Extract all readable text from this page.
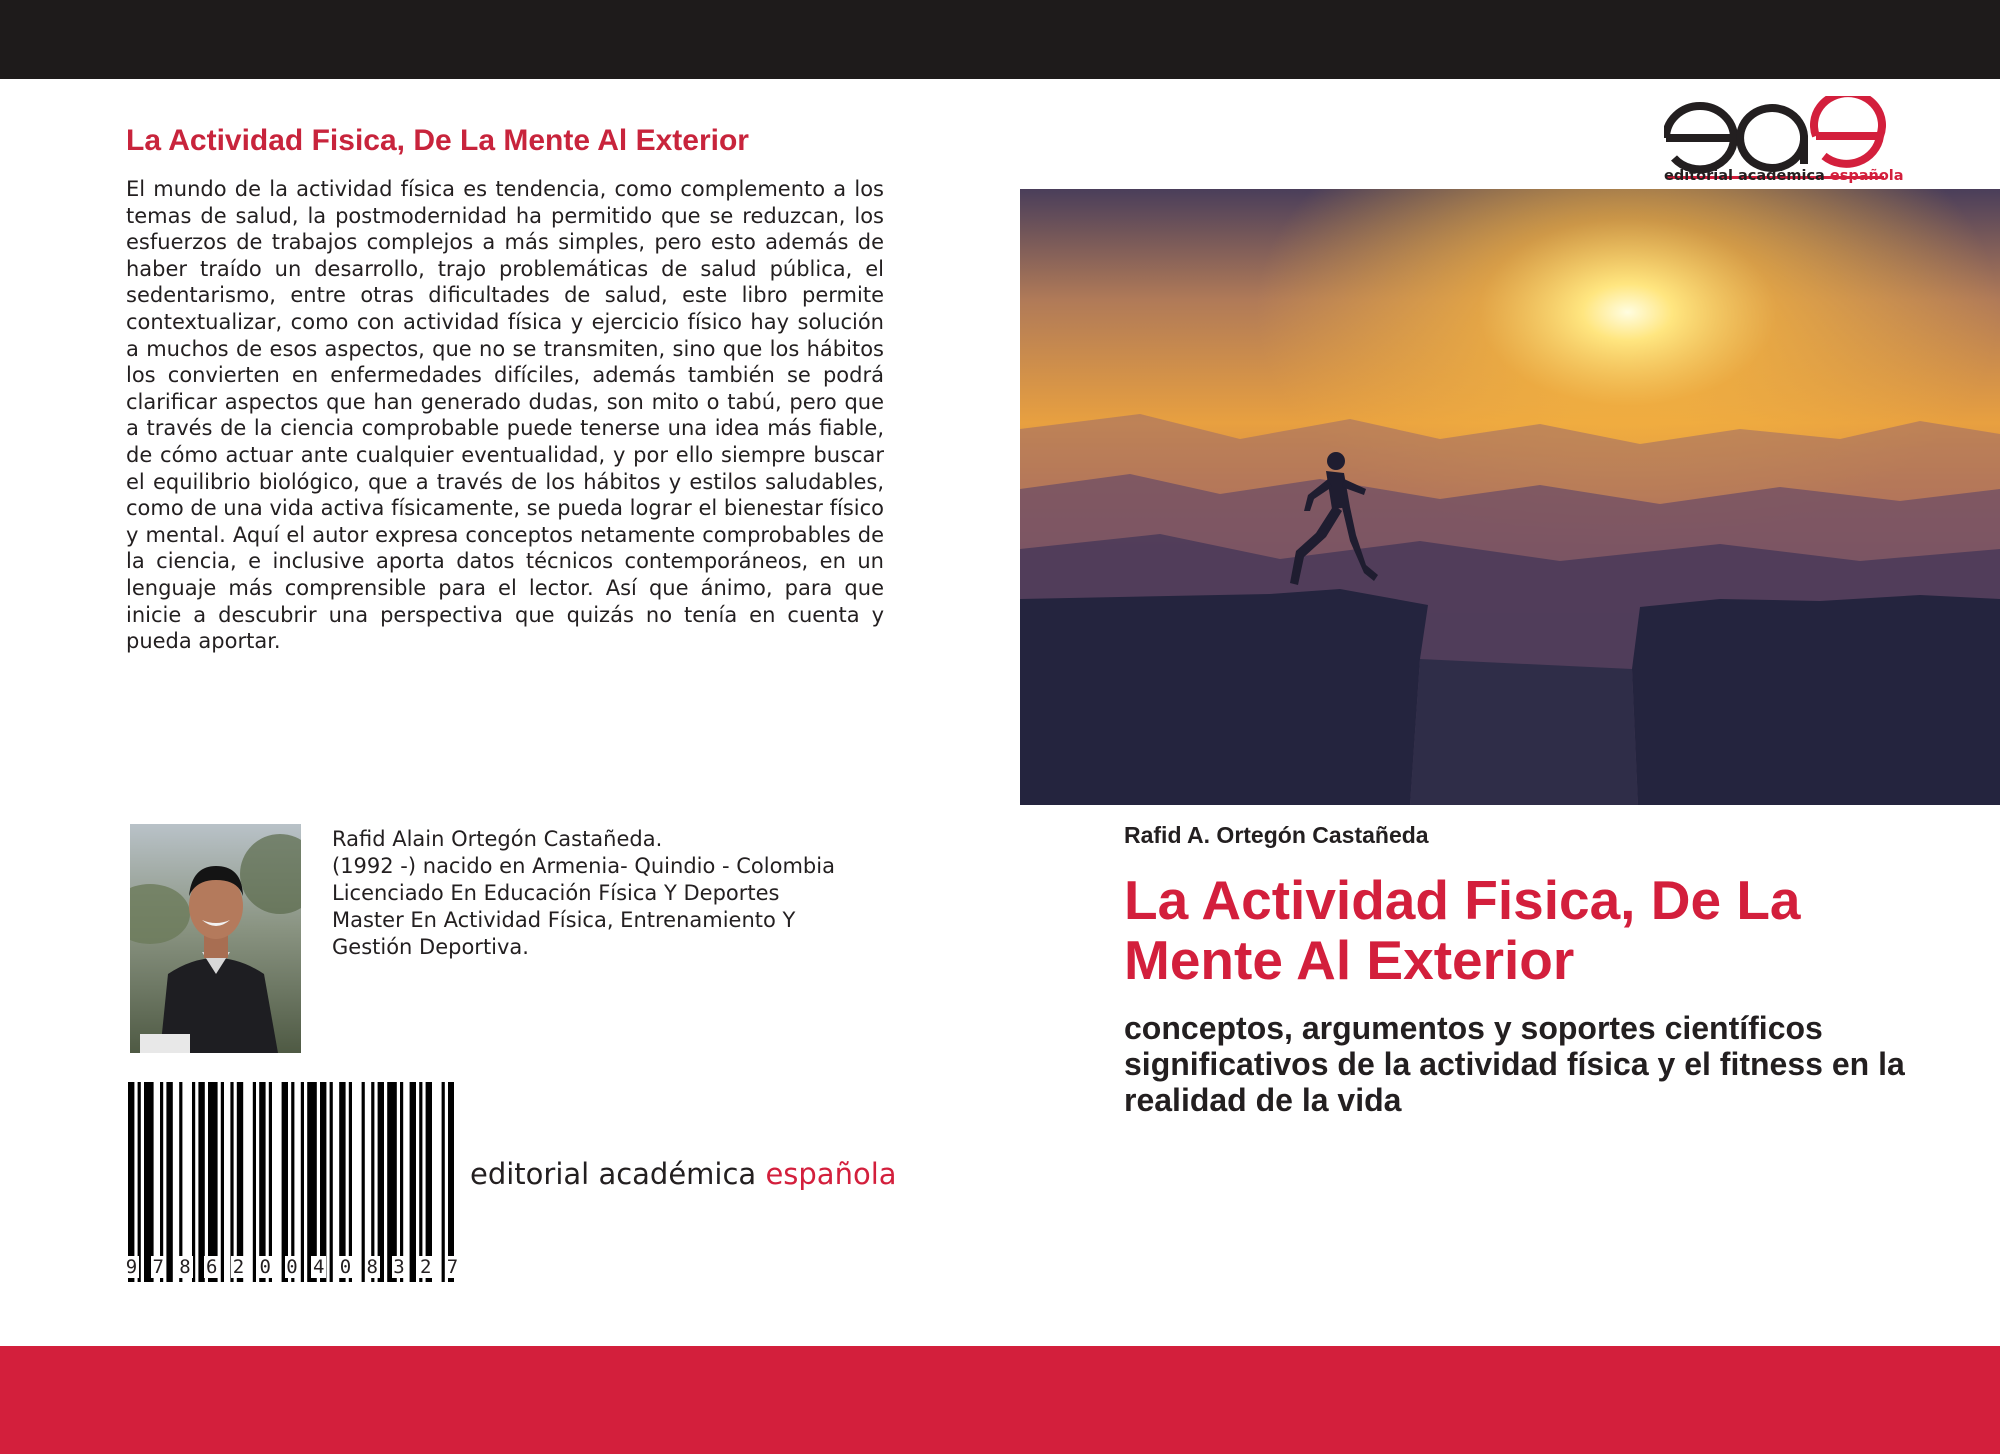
La Actividad Fisica, De La Mente Al Exterior
El mundo de la actividad física es tendencia, como complemento a los temas de salud, la postmodernidad ha permitido que se reduzcan, los esfuerzos de trabajos complejos a más simples, pero esto además de haber traído un desarrollo, trajo problemáticas de salud pública, el sedentarismo, entre otras dificultades de salud, este libro permite contextualizar, como con actividad física y ejercicio físico hay solución a muchos de esos aspectos, que no se transmiten, sino que los hábitos los convierten en enfermedades difíciles, además también se podrá clarificar aspectos que han generado dudas, son mito o tabú, pero que a través de la ciencia comprobable puede tenerse una idea más fiable, de cómo actuar ante cualquier eventualidad, y por ello siempre buscar el equilibrio biológico, que a través de los hábitos y estilos saludables, como de una vida activa físicamente, se pueda lograr el bienestar físico y mental. Aquí el autor expresa conceptos netamente comprobables de la ciencia, e inclusive aporta datos técnicos contemporáneos, en un lenguaje más comprensible para el lector. Así que ánimo, para que inicie a descubrir una perspectiva que quizás no tenía en cuenta y pueda aportar.
editorial académica española
Rafid A. Ortegón Castañeda
La Actividad Fisica, De La Mente Al Exterior
conceptos, argumentos y soportes científicos significativos de la actividad física y el fitness en la realidad de la vida
Rafid Alain Ortegón Castañeda.
(1992 -) nacido en Armenia- Quindio - Colombia
Licenciado En Educación Física Y Deportes
Master En Actividad Física, Entrenamiento Y
Gestión Deportiva.
9 7 8 6 2 0 0 4 0 8 3 2 7
editorial académica española
